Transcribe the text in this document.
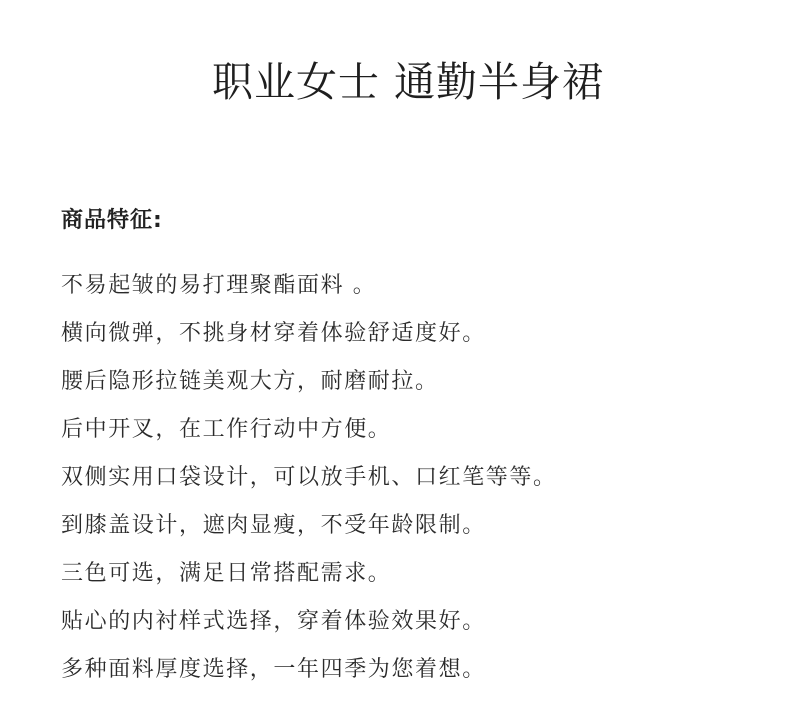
职业女士 通勤半身裙
商品特征:
不易起皱的易打理聚酯面料 。
横向微弹，不挑身材穿着体验舒适度好。
腰后隐形拉链美观大方，耐磨耐拉。
后中开叉，在工作行动中方便。
双侧实用口袋设计，可以放手机、口红笔等等。
到膝盖设计，遮肉显瘦，不受年龄限制。
三色可选，满足日常搭配需求。
贴心的内衬样式选择，穿着体验效果好。
多种面料厚度选择，一年四季为您着想。
